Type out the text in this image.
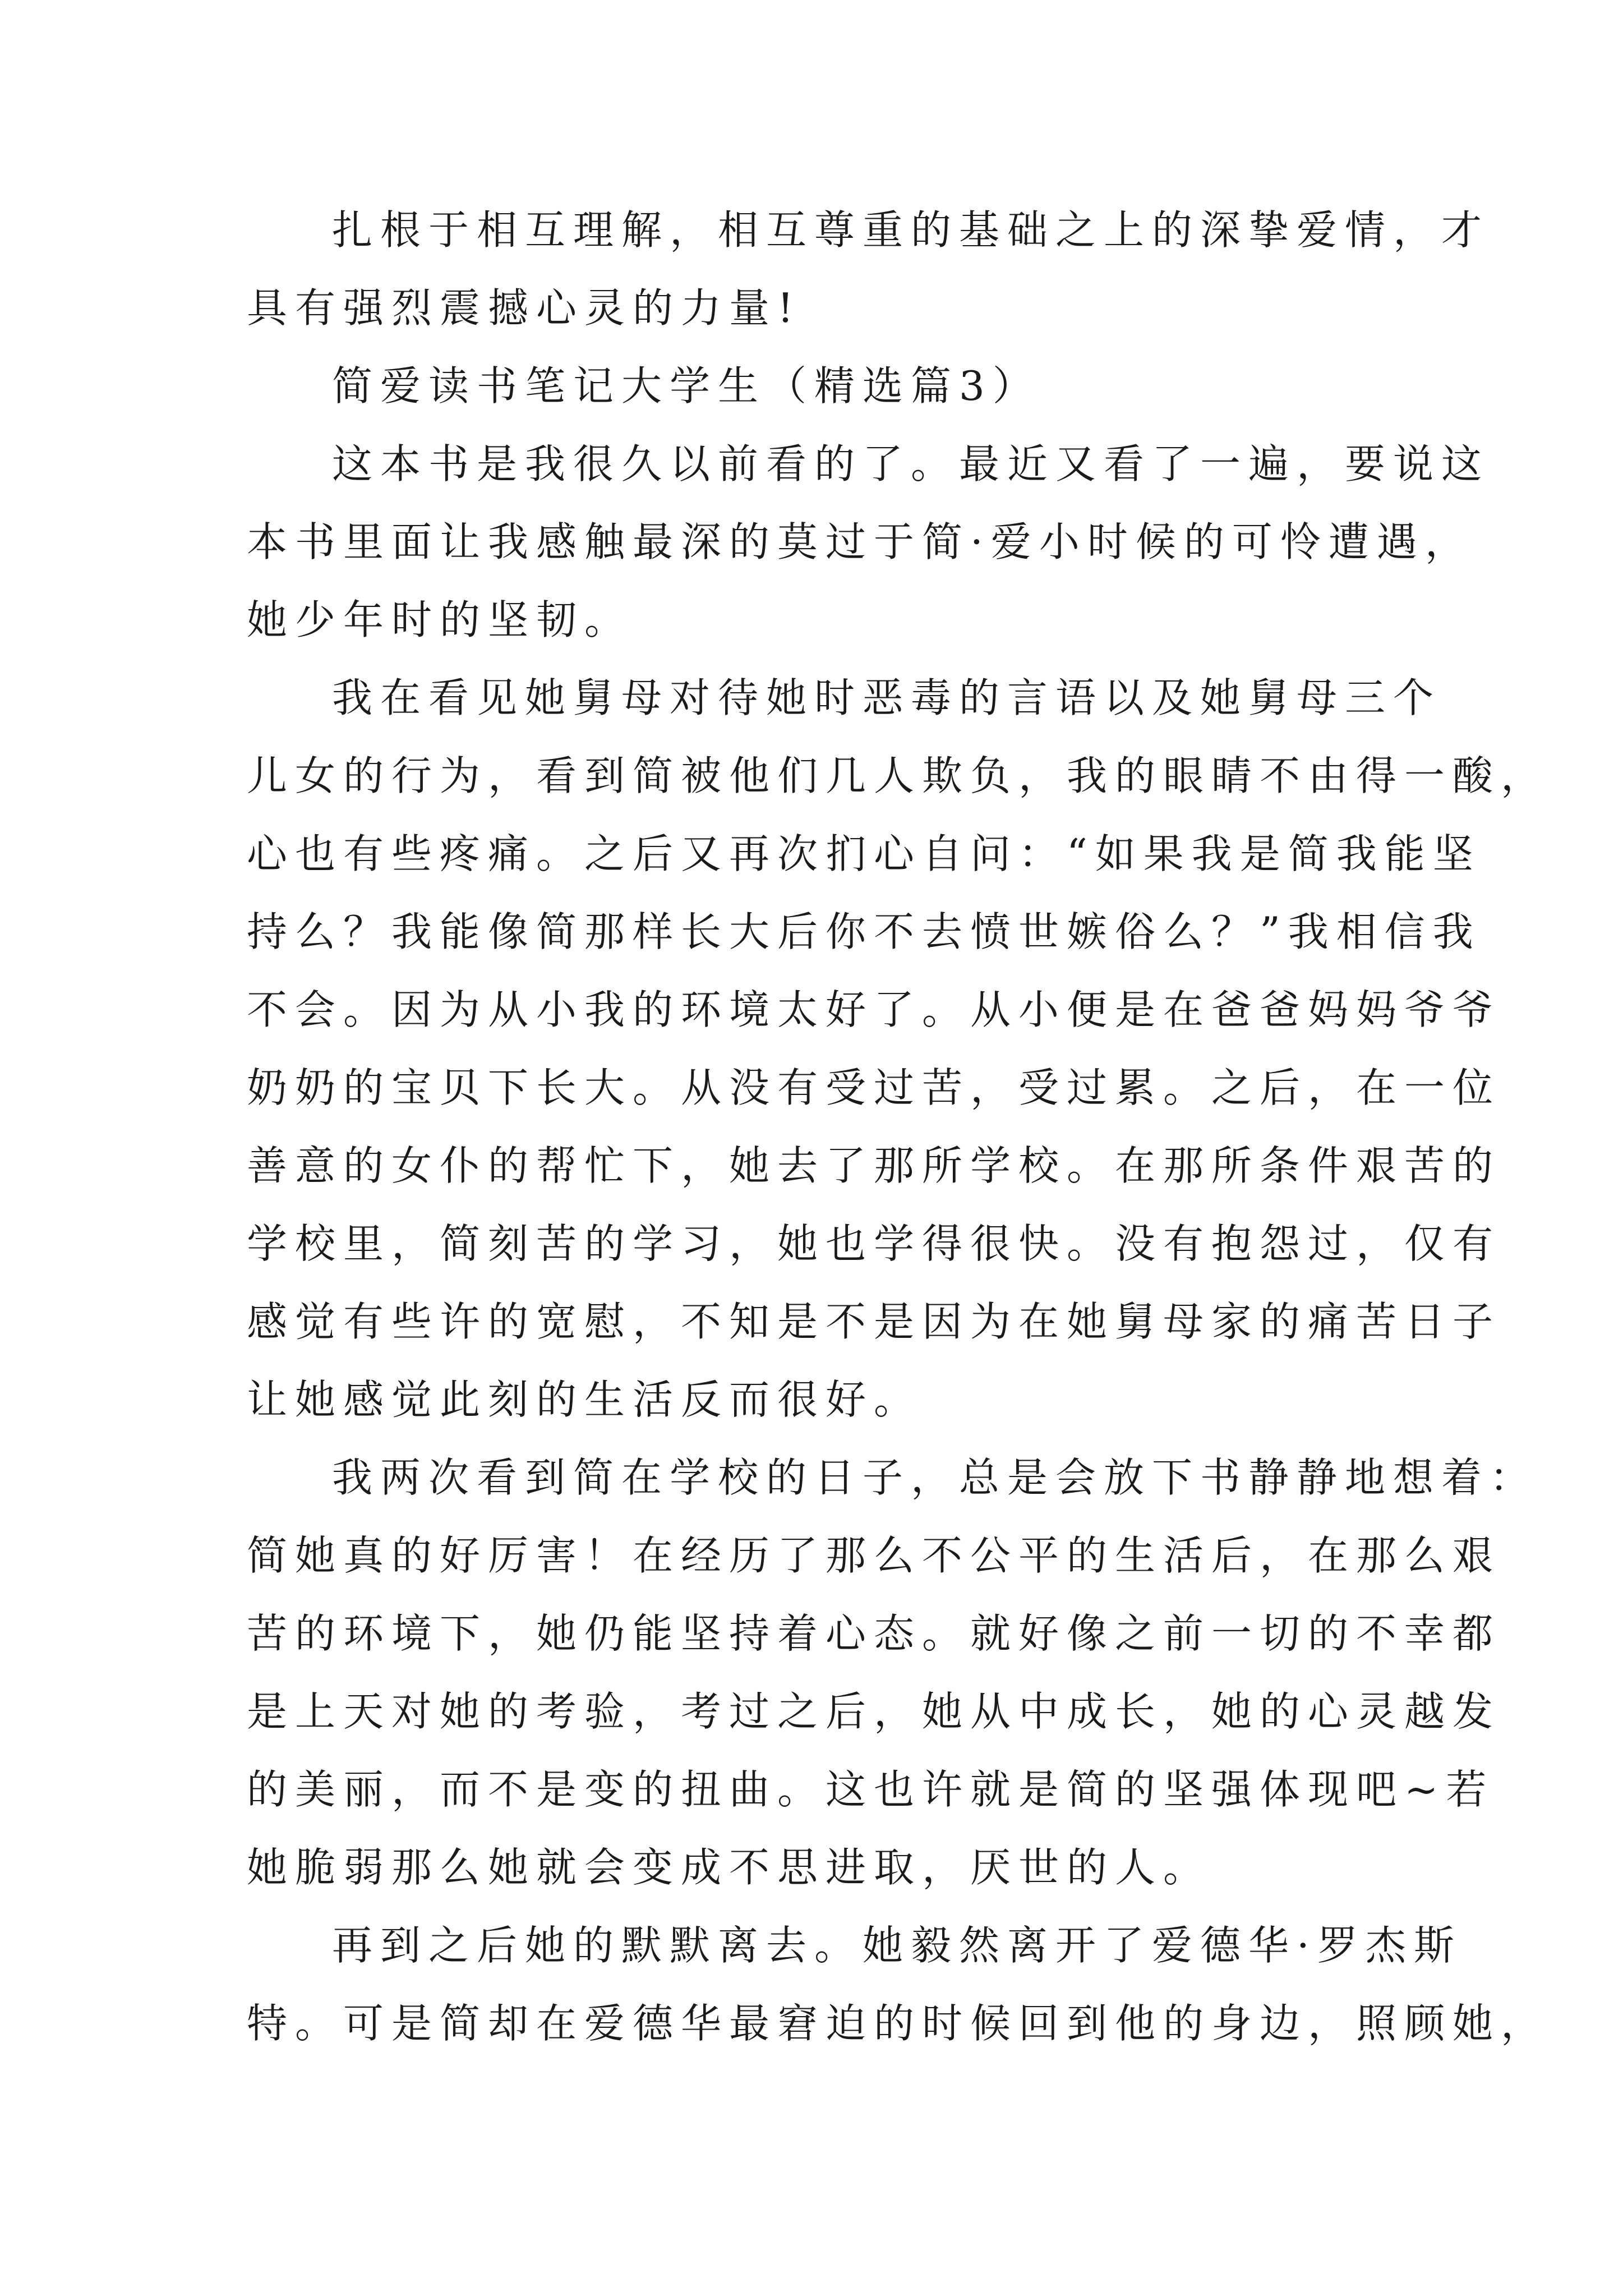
扎根于相互理解，相互尊重的基础之上的深挚爱情，才
具有强烈震撼心灵的力量!
简爱读书笔记大学生（精选篇3）
这本书是我很久以前看的了。最近又看了一遍，要说这
本书里面让我感触最深的莫过于简·爱小时候的可怜遭遇，
她少年时的坚韧。
我在看见她舅母对待她时恶毒的言语以及她舅母三个
儿女的行为，看到简被他们几人欺负，我的眼睛不由得一酸，
心也有些疼痛。之后又再次扪心自问：“如果我是简我能坚
持么？我能像简那样长大后你不去愤世嫉俗么？”我相信我
不会。因为从小我的环境太好了。从小便是在爸爸妈妈爷爷
奶奶的宝贝下长大。从没有受过苦，受过累。之后，在一位
善意的女仆的帮忙下，她去了那所学校。在那所条件艰苦的
学校里，简刻苦的学习，她也学得很快。没有抱怨过，仅有
感觉有些许的宽慰，不知是不是因为在她舅母家的痛苦日子
让她感觉此刻的生活反而很好。
我两次看到简在学校的日子，总是会放下书静静地想着：
简她真的好厉害！在经历了那么不公平的生活后，在那么艰
苦的环境下，她仍能坚持着心态。就好像之前一切的不幸都
是上天对她的考验，考过之后，她从中成长，她的心灵越发
的美丽，而不是变的扭曲。这也许就是简的坚强体现吧~若
她脆弱那么她就会变成不思进取，厌世的人。
再到之后她的默默离去。她毅然离开了爱德华·罗杰斯
特。可是简却在爱德华最窘迫的时候回到他的身边，照顾她，
